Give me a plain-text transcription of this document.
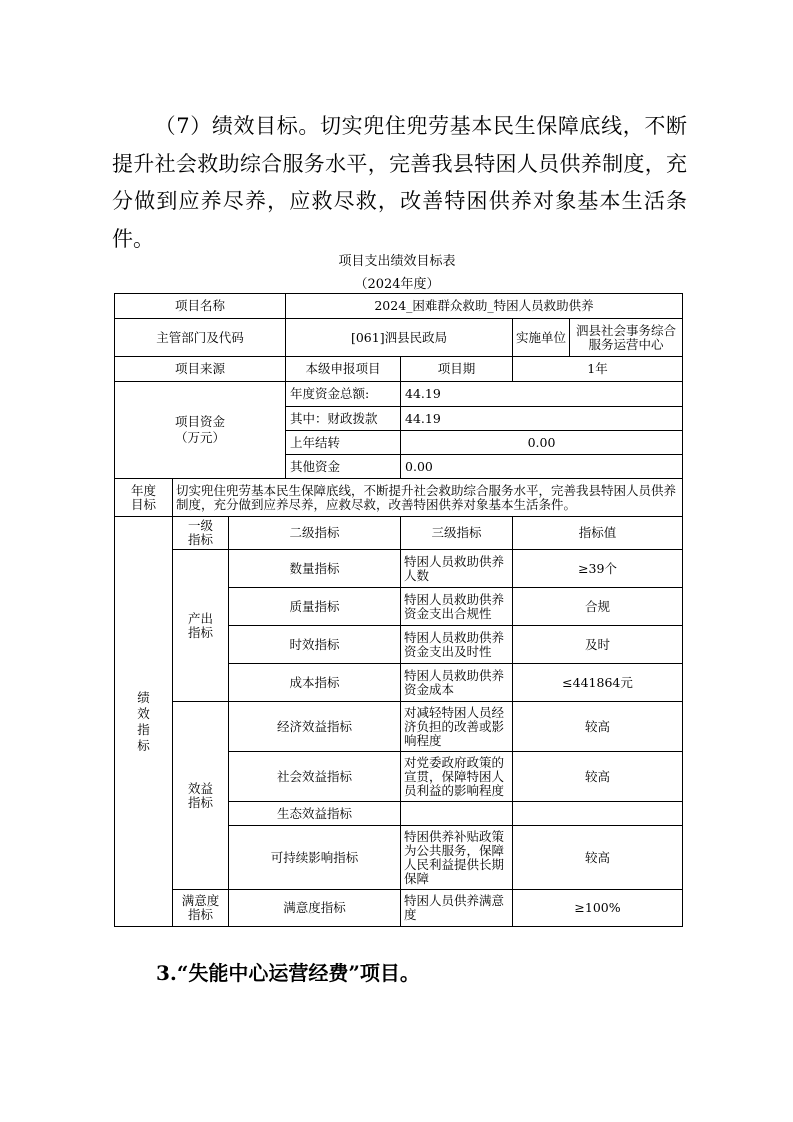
（7）绩效目标。切实兜住兜劳基本民生保障底线，不断提升社会救助综合服务水平，完善我县特困人员供养制度，充分做到应养尽养，应救尽救，改善特困供养对象基本生活条件。

项目支出绩效目标表
（2024年度）
项目名称			2024_困难群众救助_特困人员救助供养			
主管部门及代码			[061]泗县民政局		实施单位	泗县社会事务综合服务运营中心
项目来源			本级申报项目	项目期	1年	

项目资金（万元）			年度资金总额:	44.19		
			其中：财政拨款	44.19		
			上年结转	0.00		
			其他资金	0.00		

年度目标	切实兜住兜劳基本民生保障底线，不断提升社会救助综合服务水平，完善我县特困人员供养制度，充分做到应养尽养，应救尽救，改善特困供养对象基本生活条件。					

绩效指标	一级指标	二级指标		三级指标	指标值	

	产出指标	数量指标		特困人员救助供养人数	≥39个	
		质量指标		特困人员救助供养资金支出合规性	合规	
		时效指标		特困人员救助供养资金支出及时性	及时	
		成本指标		特困人员救助供养资金成本	≤441864元	

	效益指标	经济效益指标		对减轻特困人员经济负担的改善或影响程度	较高	
		社会效益指标		对党委政府政策的宣贯，保障特困人员利益的影响程度	较高	
		生态效益指标				
		可持续影响指标		特困供养补贴政策为公共服务，保障人民利益提供长期保障	较高	

	满意度指标	满意度指标		特困人员供养满意度	≥100%	
3.“失能中心运营经费”项目。
